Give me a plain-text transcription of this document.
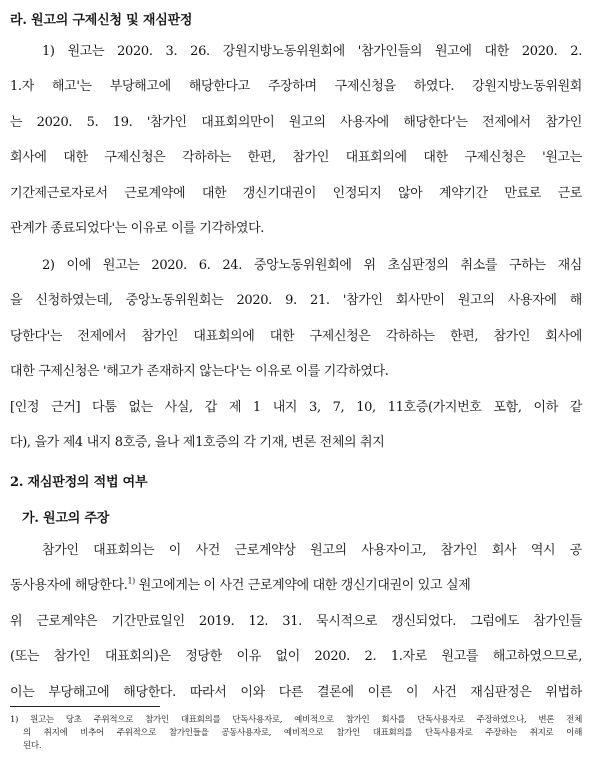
라. 원고의 구제신청 및 재심판정
1) 원고는 2020. 3. 26. 강원지방노동위원회에 '참가인들의 원고에 대한 2020. 2.
1.자 해고'는 부당해고에 해당한다고 주장하며 구제신청을 하였다. 강원지방노동위원회
는 2020. 5. 19. '참가인 대표회의만이 원고의 사용자에 해당한다'는 전제에서 참가인
회사에 대한 구제신청은 각하하는 한편, 참가인 대표회의에 대한 구제신청은 '원고는
기간제근로자로서 근로계약에 대한 갱신기대권이 인정되지 않아 계약기간 만료로 근로
관계가 종료되었다'는 이유로 이를 기각하였다.
2) 이에 원고는 2020. 6. 24. 중앙노동위원회에 위 초심판정의 취소를 구하는 재심
을 신청하였는데, 중앙노동위원회는 2020. 9. 21. '참가인 회사만이 원고의 사용자에 해
당한다'는 전제에서 참가인 대표회의에 대한 구제신청은 각하하는 한편, 참가인 회사에
대한 구제신청은 '해고가 존재하지 않는다'는 이유로 이를 기각하였다.
[인정 근거] 다툼 없는 사실, 갑 제 1 내지 3, 7, 10, 11호증(가지번호 포함, 이하 같
다), 을가 제4 내지 8호증, 을나 제1호증의 각 기재, 변론 전체의 취지
2. 재심판정의 적법 여부
가. 원고의 주장
참가인 대표회의는 이 사건 근로계약상 원고의 사용자이고, 참가인 회사 역시 공
동사용자에 해당한다.$^{1)}$ 원고에게는 이 사건 근로계약에 대한 갱신기대권이 있고 실제
위 근로계약은 기간만료일인 2019. 12. 31. 묵시적으로 갱신되었다. 그럼에도 참가인들
(또는 참가인 대표회의)은 정당한 이유 없이 2020. 2. 1.자로 원고를 해고하였으므로,
이는 부당해고에 해당한다. 따라서 이와 다른 결론에 이른 이 사건 재심판정은 위법하
1) 원고는 당초 주위적으로 참가인 대표회의를 단독사용자로, 예비적으로 참가인 회사를 단독사용자로 주장하였으나, 변론 전체
의 취지에 비추어 주위적으로 참가인들을 공동사용자로, 예비적으로 참가인 대표회의를 단독사용자로 주장하는 취지로 이해
된다.
